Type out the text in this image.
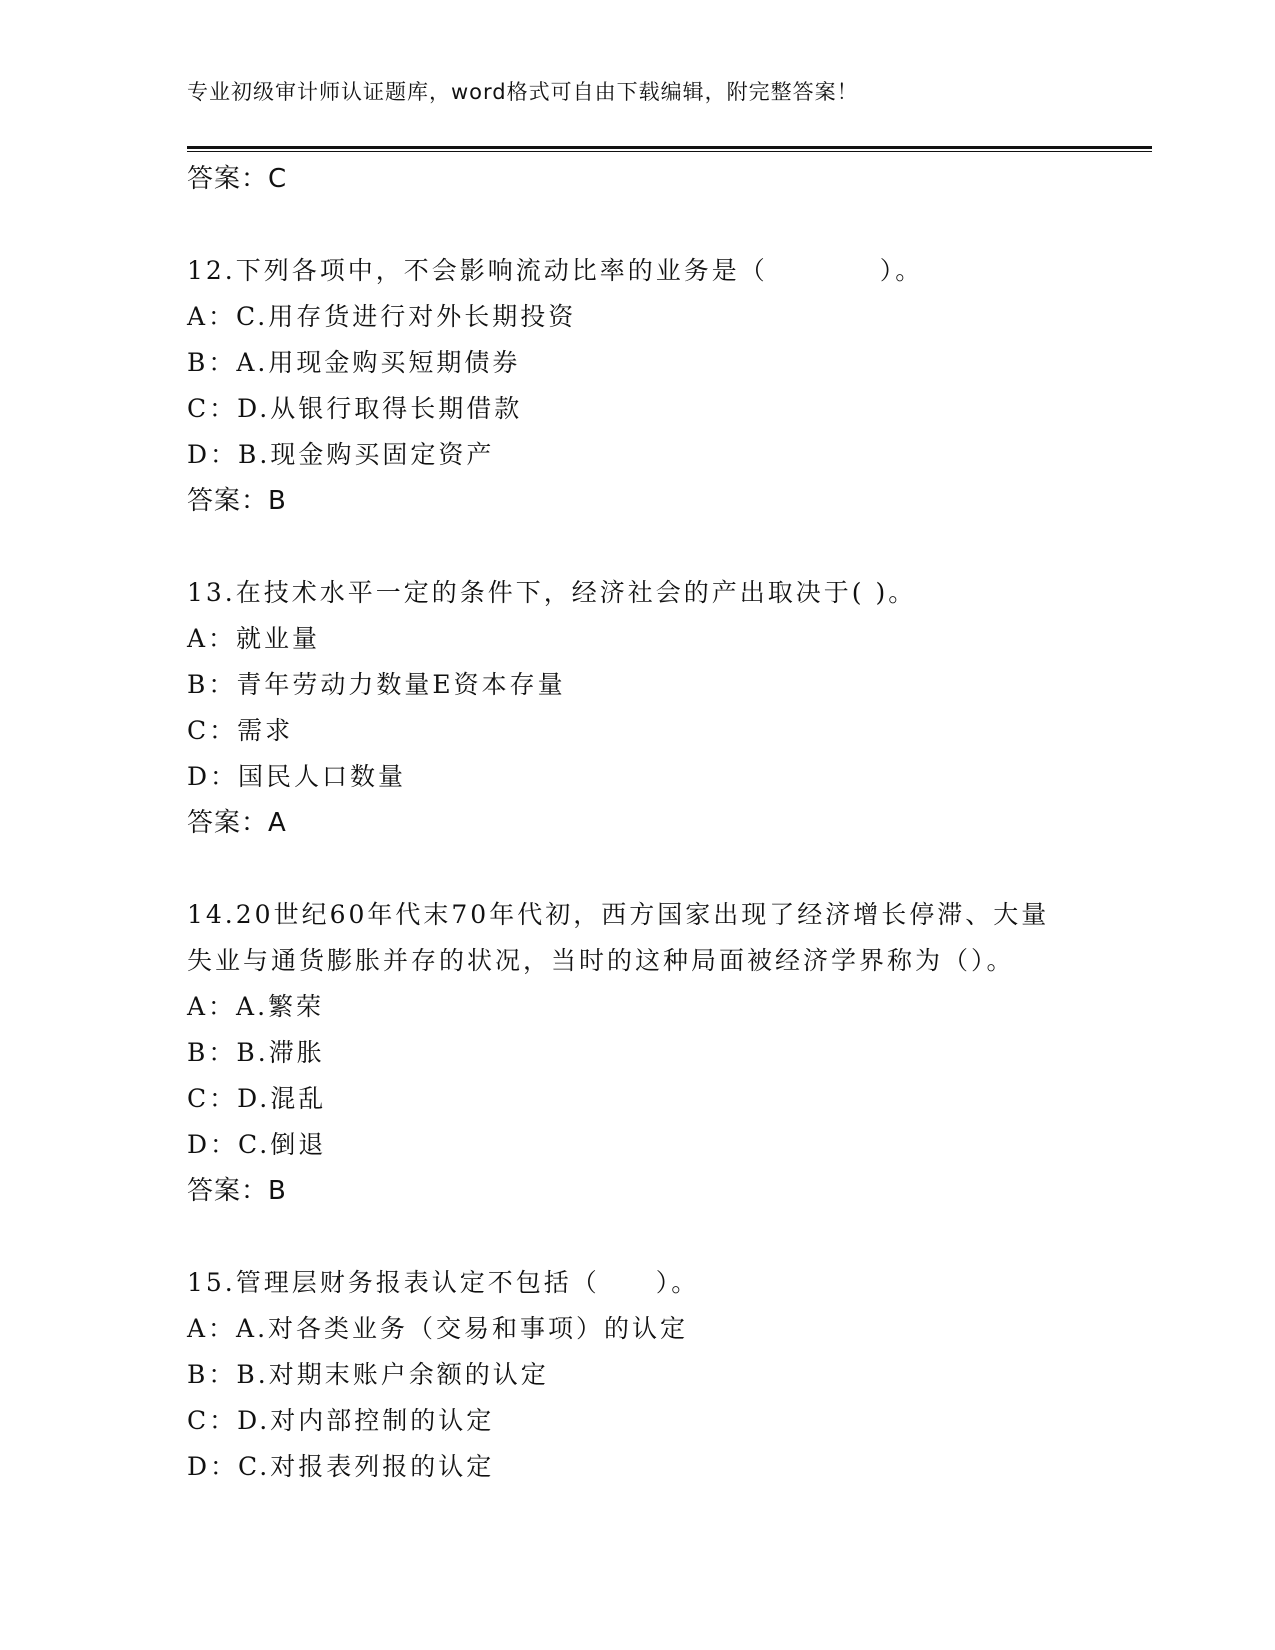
专业初级审计师认证题库，word格式可自由下载编辑，附完整答案！
答案：C
12.下列各项中，不会影响流动比率的业务是（　　　　）。
A：C.用存货进行对外长期投资
B：A.用现金购买短期债券
C：D.从银行取得长期借款
D：B.现金购买固定资产
答案：B
13.在技术水平一定的条件下，经济社会的产出取决于( )。
A：就业量
B：青年劳动力数量E资本存量
C：需求
D：国民人口数量
答案：A
14.20世纪60年代末70年代初，西方国家出现了经济增长停滞、大量
失业与通货膨胀并存的状况，当时的这种局面被经济学界称为（）。
A：A.繁荣
B：B.滞胀
C：D.混乱
D：C.倒退
答案：B
15.管理层财务报表认定不包括（　　）。
A：A.对各类业务（交易和事项）的认定
B：B.对期末账户余额的认定
C：D.对内部控制的认定
D：C.对报表列报的认定
